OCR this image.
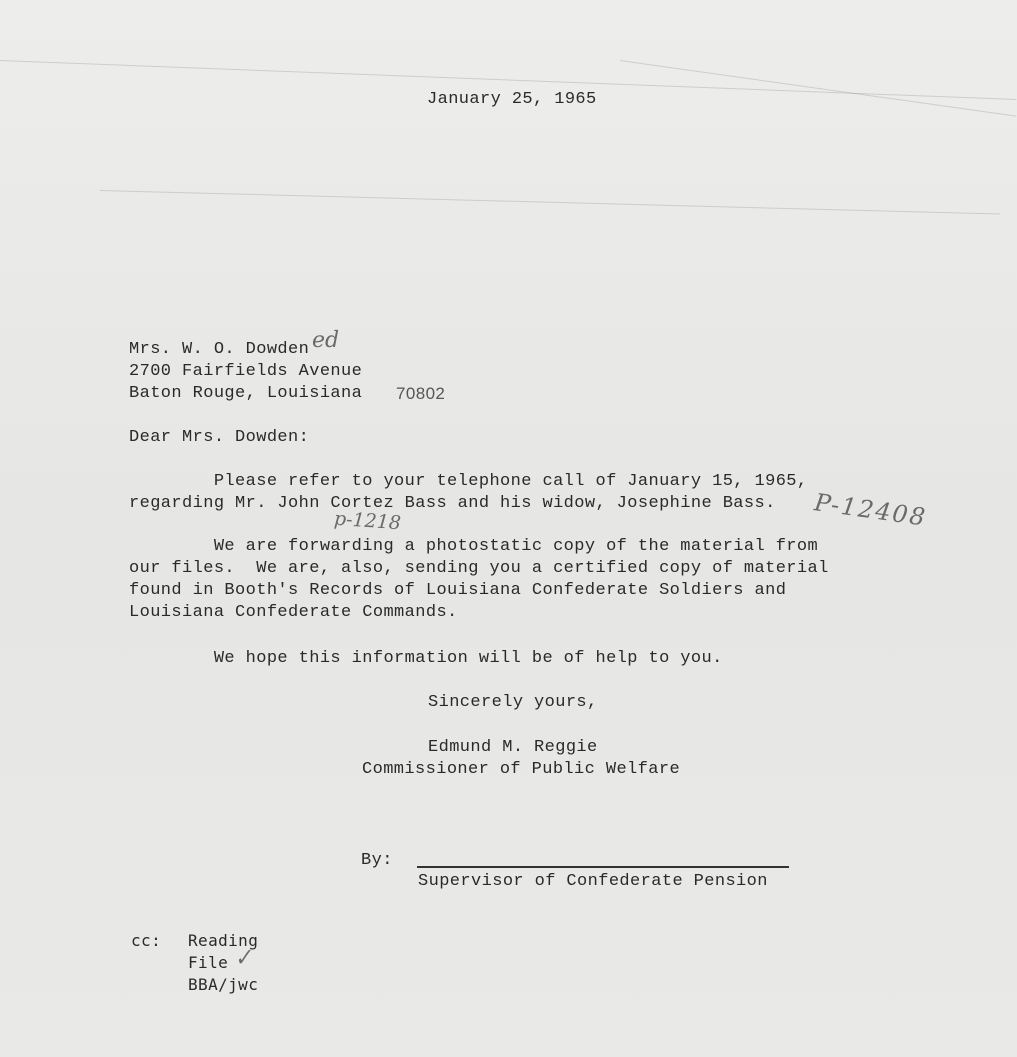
January 25, 1965
Mrs. W. O. Dowden ed
2700 Fairfields Avenue
Baton Rouge, Louisiana 70802
Dear Mrs. Dowden:
Please refer to your telephone call of January 15, 1965,
regarding Mr. John Cortez Bass and his widow, Josephine Bass.
p-1218	P-12408
We are forwarding a photostatic copy of the material from
our files.  We are, also, sending you a certified copy of material
found in Booth's Records of Louisiana Confederate Soldiers and
Louisiana Confederate Commands.
We hope this information will be of help to you.
Sincerely yours,
Edmund M. Reggie
Commissioner of Public Welfare
By:
Supervisor of Confederate Pension
cc: Reading
File ✓
BBA/jwc
